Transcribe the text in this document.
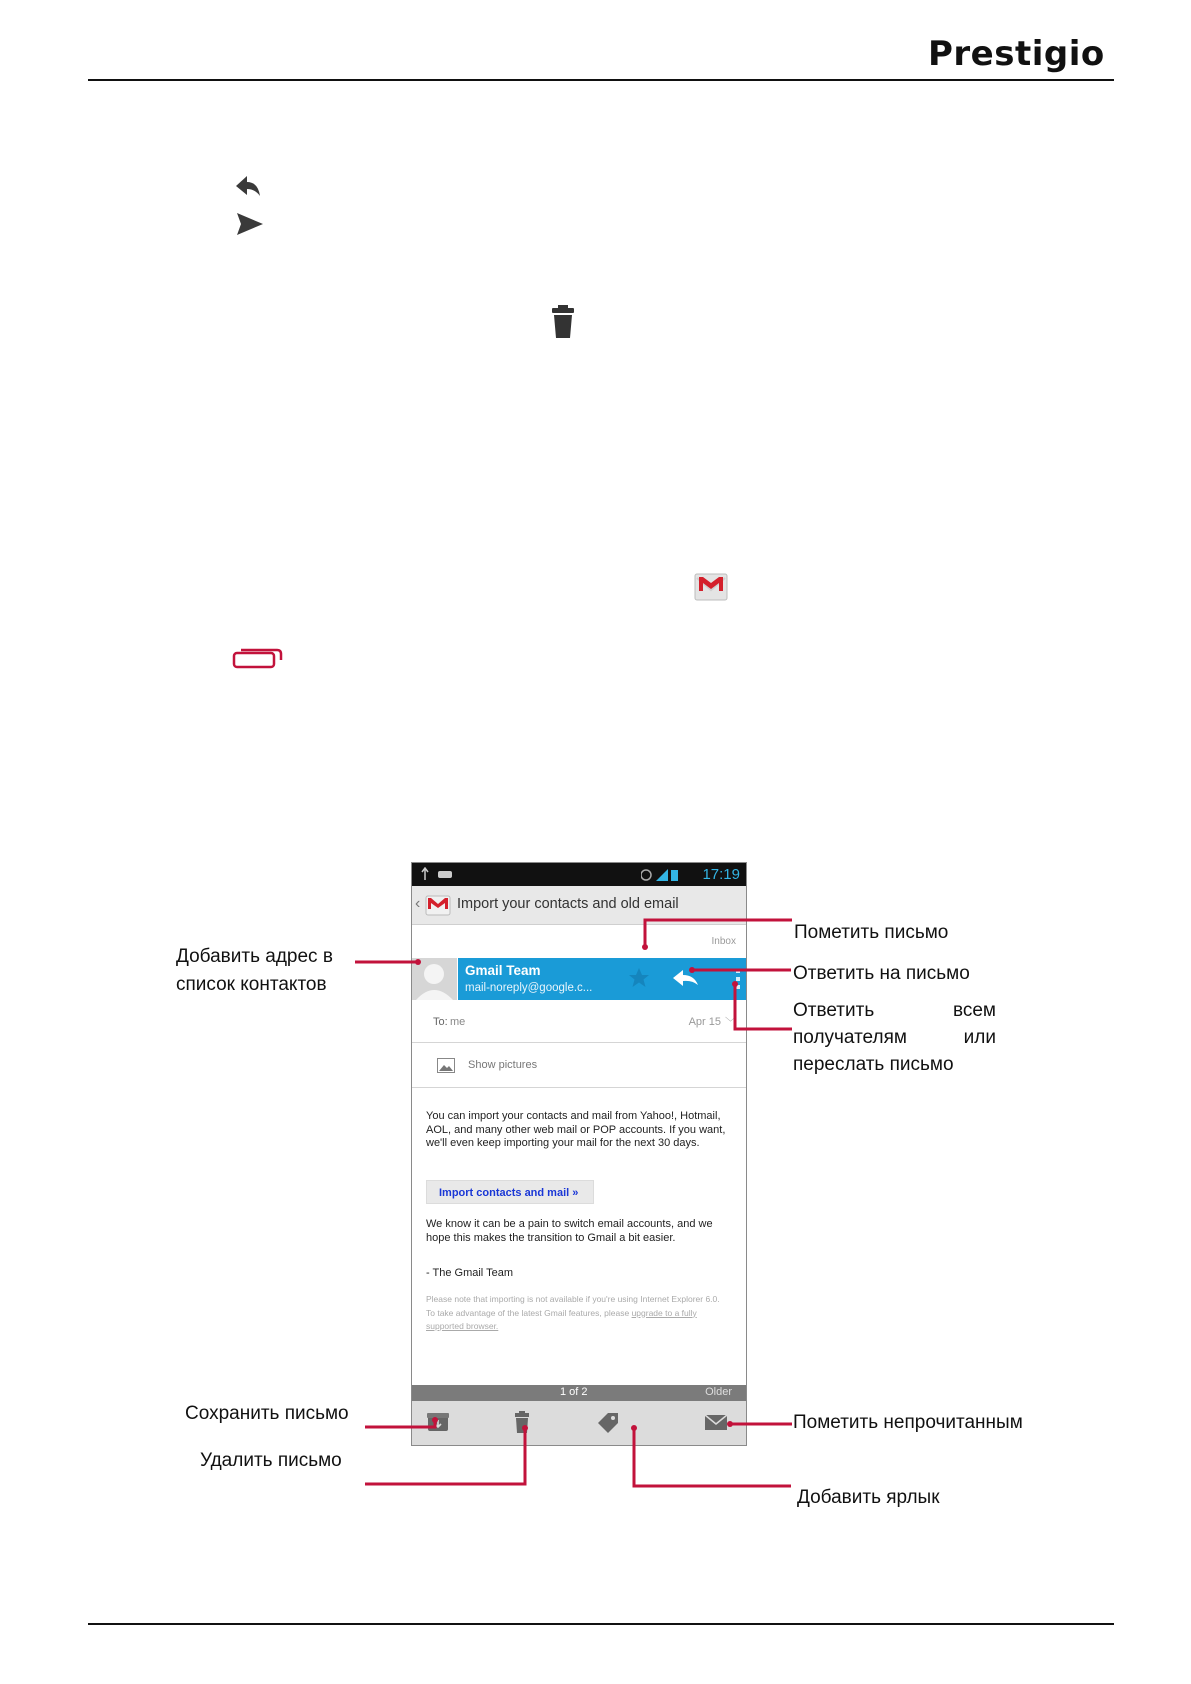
Prestigio
17:19
‹	Import your contacts and old email
Inbox
Gmail Team
mail-noreply@google.c...
To: me	Apr 15 ﹀
Show pictures

You can import your contacts and mail from Yahoo!, Hotmail, AOL, and many other web mail or POP accounts. If you want, we'll even keep importing your mail for the next 30 days.

Import contacts and mail »

We know it can be a pain to switch email accounts, and we hope this makes the transition to Gmail a bit easier.

- The Gmail Team

Please note that importing is not available if you're using Internet Explorer 6.0. To take advantage of the latest Gmail features, please upgrade to a fully supported browser.

1 of 2	Older
Добавить адрес в
список контактов
Пометить письмо
Ответить на письмо
Ответить	всем
получателям	или
переслать письмо
Сохранить письмо
Удалить письмо
Пометить непрочитанным
Добавить ярлык
